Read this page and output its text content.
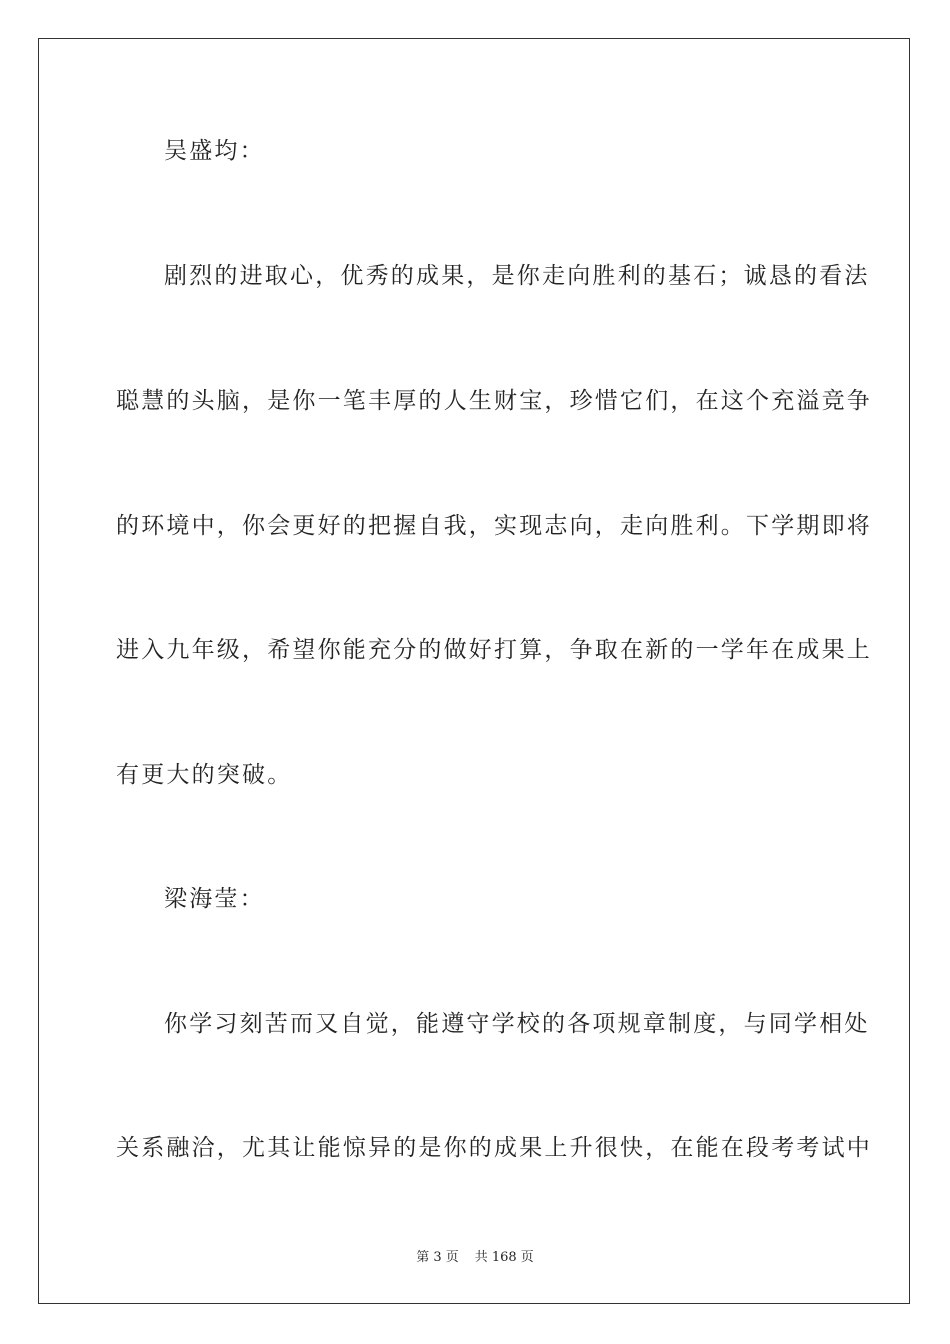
吴盛均：
剧烈的进取心，优秀的成果，是你走向胜利的基石；诚恳的看法
聪慧的头脑，是你一笔丰厚的人生财宝，珍惜它们，在这个充溢竞争
的环境中，你会更好的把握自我，实现志向，走向胜利。下学期即将
进入九年级，希望你能充分的做好打算，争取在新的一学年在成果上
有更大的突破。
梁海莹：
你学习刻苦而又自觉，能遵守学校的各项规章制度，与同学相处
关系融洽，尤其让能惊异的是你的成果上升很快，在能在段考考试中
第 3 页 共 168 页
